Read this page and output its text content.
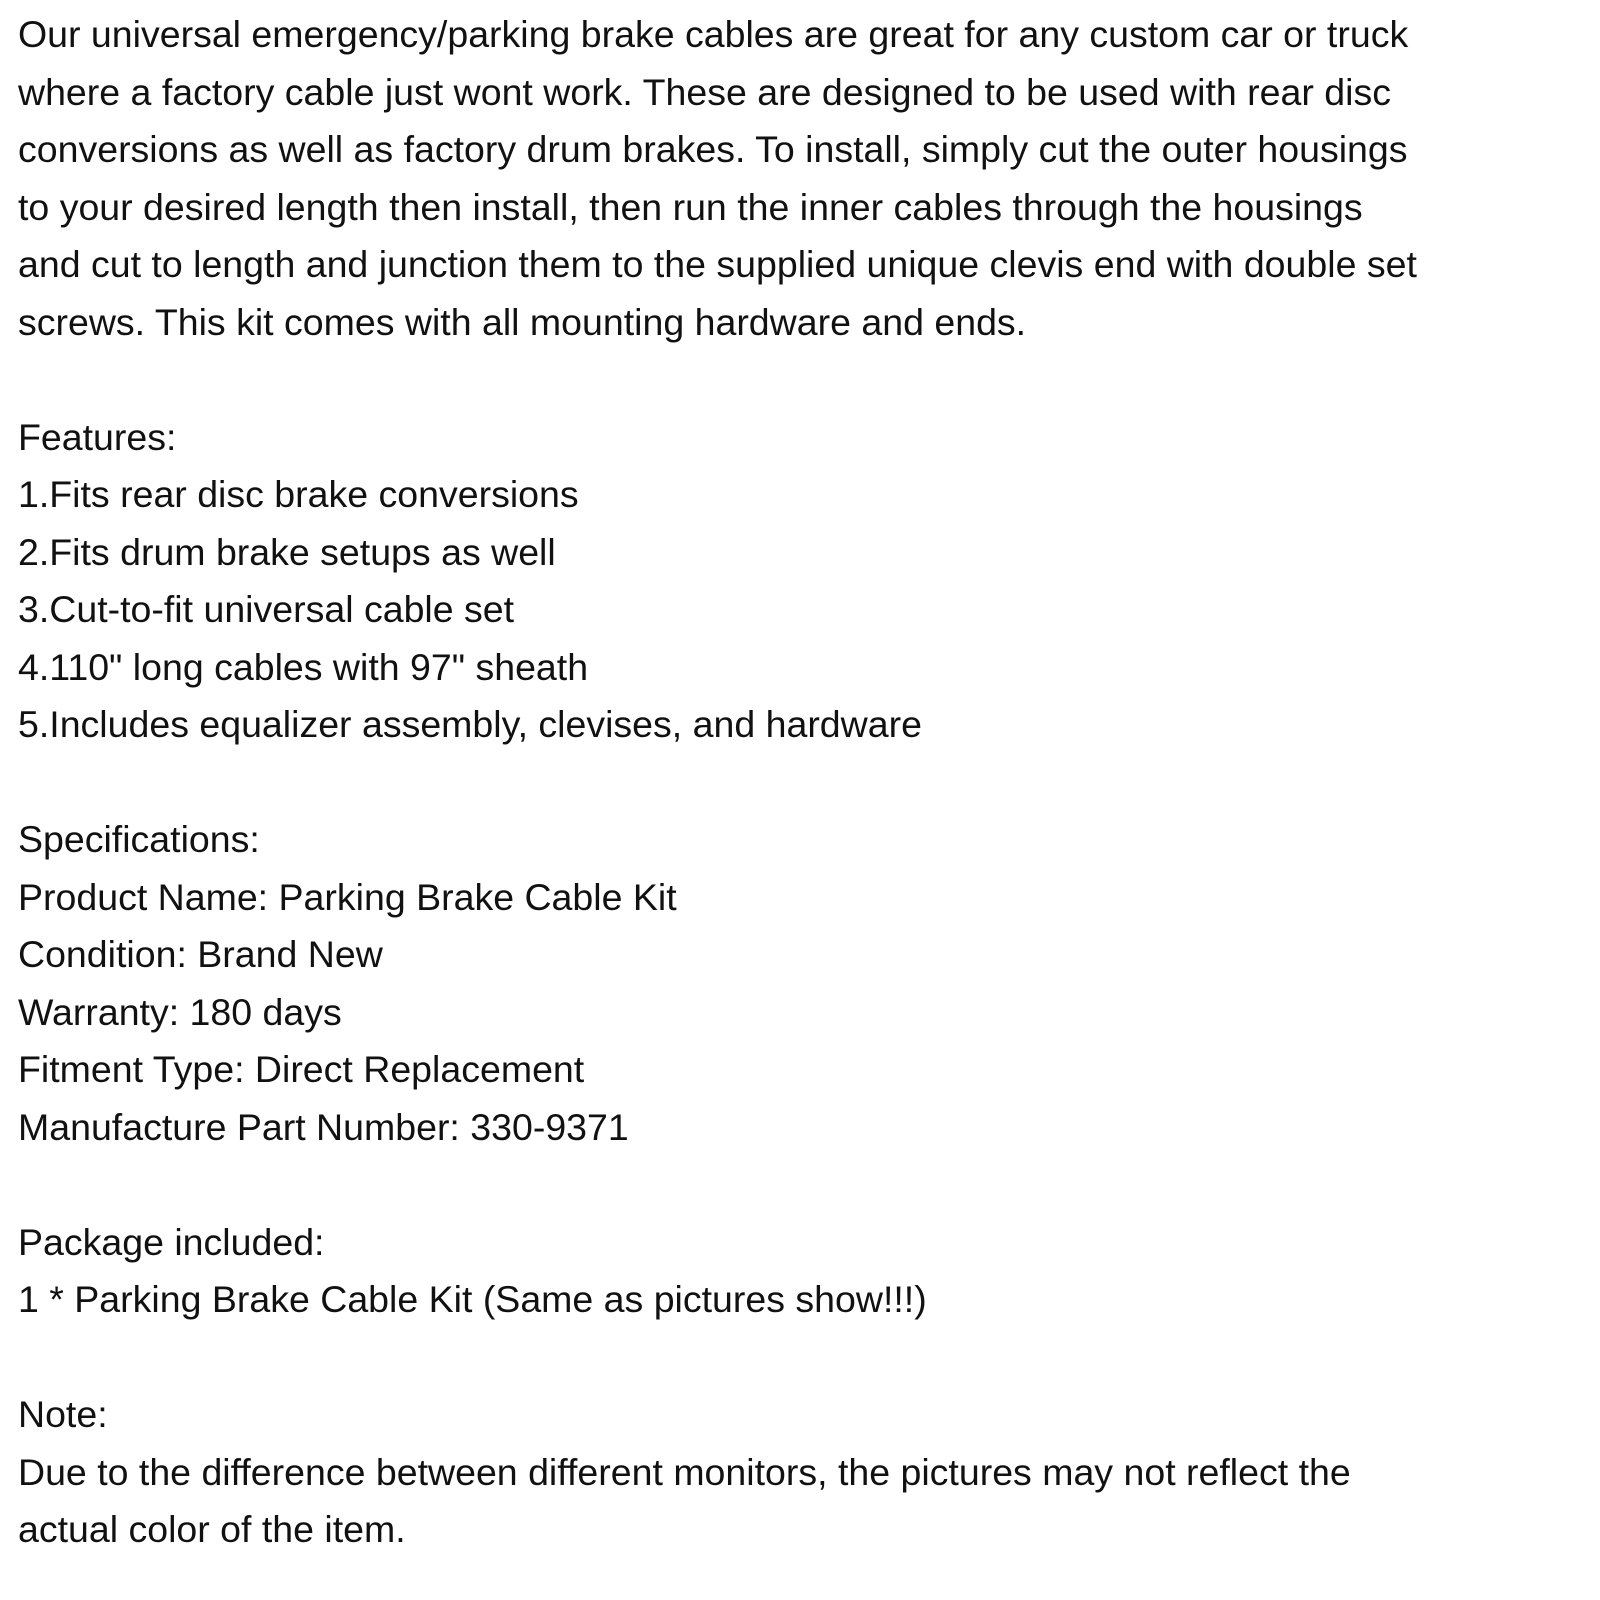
Our universal emergency/parking brake cables are great for any custom car or truck

where a factory cable just wont work. These are designed to be used with rear disc

conversions as well as factory drum brakes. To install, simply cut the outer housings

to your desired length then install, then run the inner cables through the housings

and cut to length and junction them to the supplied unique clevis end with double set

screws. This kit comes with all mounting hardware and ends.

Features:
1.Fits rear disc brake conversions
2.Fits drum brake setups as well
3.Cut-to-fit universal cable set
4.110" long cables with 97" sheath
5.Includes equalizer assembly, clevises, and hardware
Specifications:
Product Name: Parking Brake Cable Kit
Condition: Brand New
Warranty: 180 days
Fitment Type: Direct Replacement
Manufacture Part Number: 330-9371
Package included:
1 * Parking Brake Cable Kit (Same as pictures show!!!)
Note:
Due to the difference between different monitors, the pictures may not reflect the
actual color of the item.
